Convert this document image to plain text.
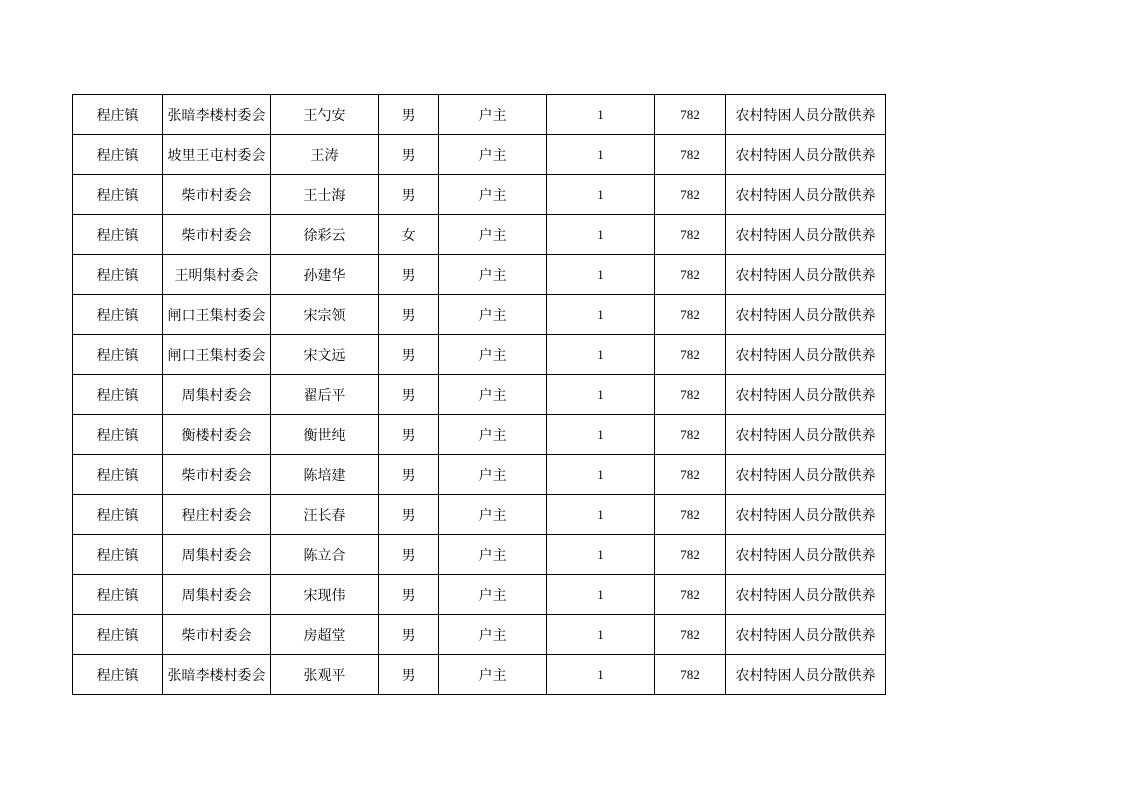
程庄镇	张暗李楼村委会	王勺安	男	户主	1	782	农村特困人员分散供养
程庄镇	坡里王屯村委会	王涛	男	户主	1	782	农村特困人员分散供养
程庄镇	柴市村委会	王士海	男	户主	1	782	农村特困人员分散供养
程庄镇	柴市村委会	徐彩云	女	户主	1	782	农村特困人员分散供养
程庄镇	王明集村委会	孙建华	男	户主	1	782	农村特困人员分散供养
程庄镇	闸口王集村委会	宋宗领	男	户主	1	782	农村特困人员分散供养
程庄镇	闸口王集村委会	宋文远	男	户主	1	782	农村特困人员分散供养
程庄镇	周集村委会	翟后平	男	户主	1	782	农村特困人员分散供养
程庄镇	衡楼村委会	衡世纯	男	户主	1	782	农村特困人员分散供养
程庄镇	柴市村委会	陈培建	男	户主	1	782	农村特困人员分散供养
程庄镇	程庄村委会	汪长春	男	户主	1	782	农村特困人员分散供养
程庄镇	周集村委会	陈立合	男	户主	1	782	农村特困人员分散供养
程庄镇	周集村委会	宋现伟	男	户主	1	782	农村特困人员分散供养
程庄镇	柴市村委会	房超堂	男	户主	1	782	农村特困人员分散供养
程庄镇	张暗李楼村委会	张观平	男	户主	1	782	农村特困人员分散供养
